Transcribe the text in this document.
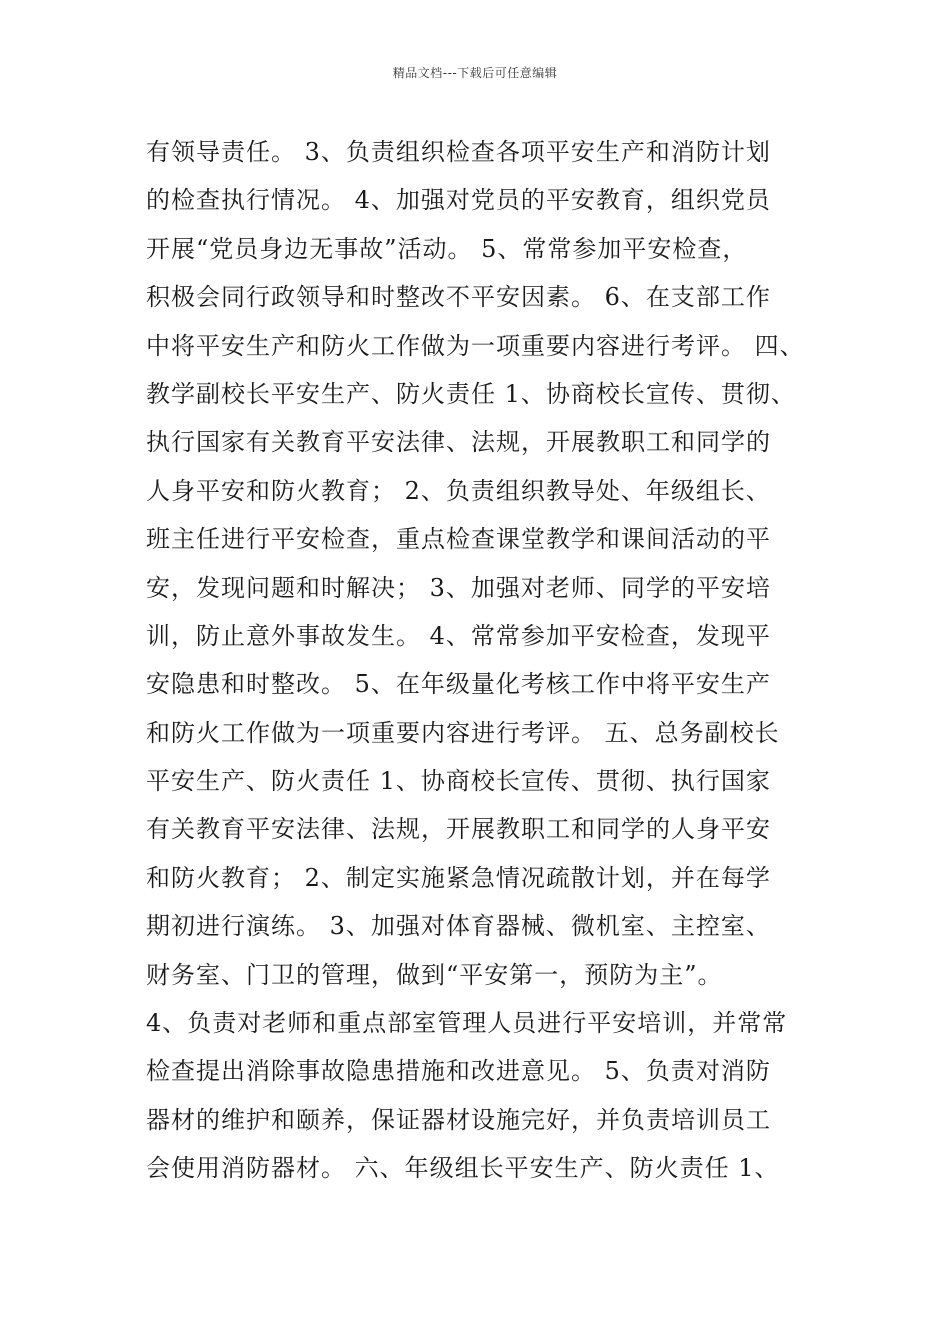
精品文档---下载后可任意编辑
有领导责任。 3、负责组织检查各项平安生产和消防计划
的检查执行情况。 4、加强对党员的平安教育，组织党员
开展“党员身边无事故”活动。 5、常常参加平安检查，
积极会同行政领导和时整改不平安因素。 6、在支部工作
中将平安生产和防火工作做为一项重要内容进行考评。 四、
教学副校长平安生产、防火责任 1、协商校长宣传、贯彻、
执行国家有关教育平安法律、法规，开展教职工和同学的
人身平安和防火教育； 2、负责组织教导处、年级组长、
班主任进行平安检查，重点检查课堂教学和课间活动的平
安，发现问题和时解决； 3、加强对老师、同学的平安培
训，防止意外事故发生。 4、常常参加平安检查，发现平
安隐患和时整改。 5、在年级量化考核工作中将平安生产
和防火工作做为一项重要内容进行考评。 五、总务副校长
平安生产、防火责任 1、协商校长宣传、贯彻、执行国家
有关教育平安法律、法规，开展教职工和同学的人身平安
和防火教育； 2、制定实施紧急情况疏散计划，并在每学
期初进行演练。 3、加强对体育器械、微机室、主控室、
财务室、门卫的管理，做到“平安第一，预防为主”。
4、负责对老师和重点部室管理人员进行平安培训，并常常
检查提出消除事故隐患措施和改进意见。 5、负责对消防
器材的维护和颐养，保证器材设施完好，并负责培训员工
会使用消防器材。 六、年级组长平安生产、防火责任 1、
